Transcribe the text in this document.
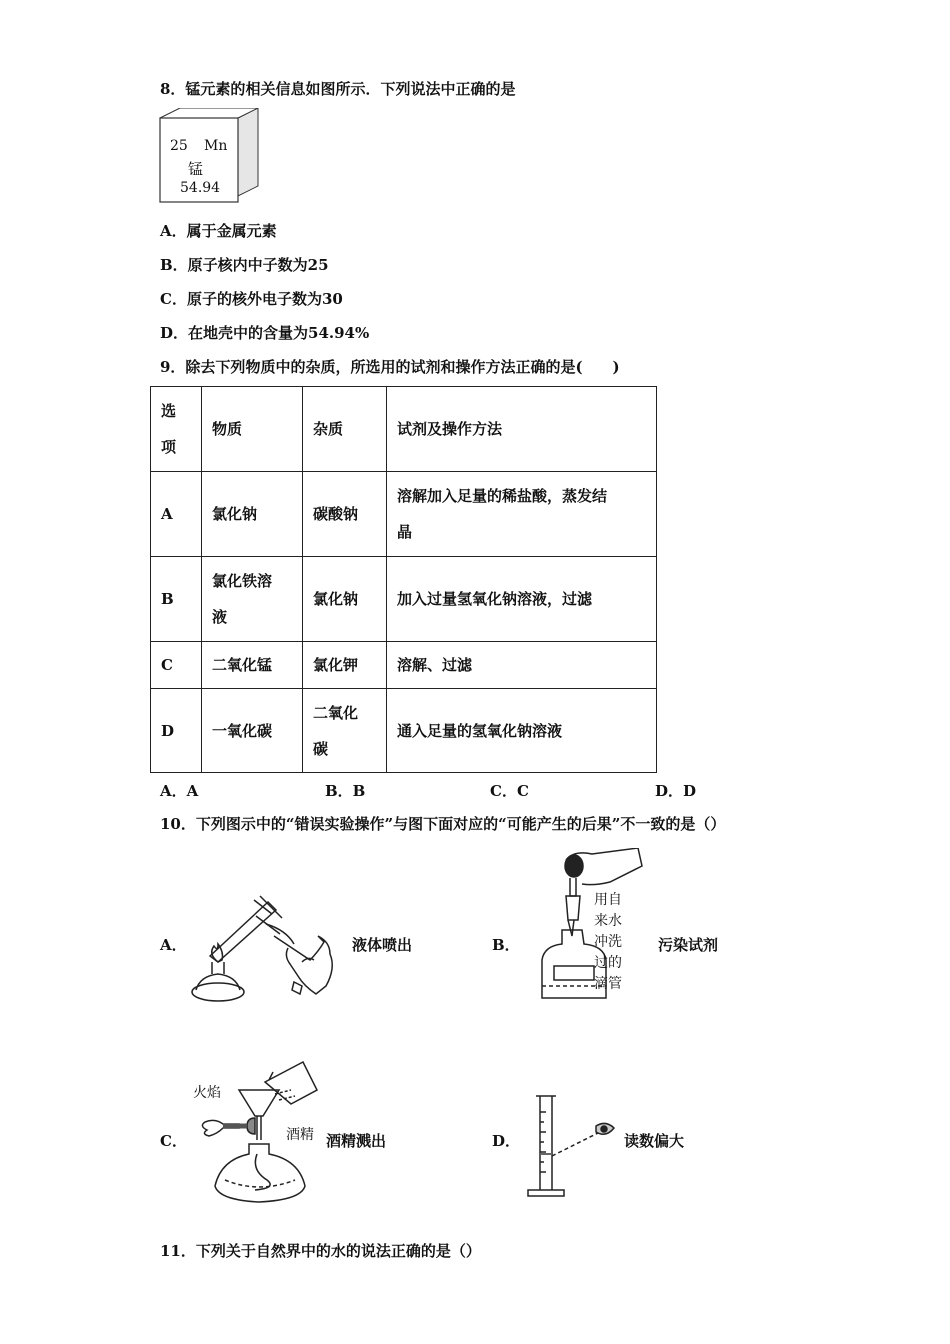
8．锰元素的相关信息如图所示．下列说法中正确的是
25 Mn
锰
54.94
A．属于金属元素
B．原子核内中子数为25
C．原子的核外电子数为30
D．在地壳中的含量为54.94%
9．除去下列物质中的杂质，所选用的试剂和操作方法正确的是(　　)
选
项	物质	杂质	试剂及操作方法
A	氯化钠	碳酸钠	溶解加入足量的稀盐酸，蒸发结
晶

B	氯化铁溶
液	氯化钠	加入过量氢氧化钠溶液，过滤

C	二氧化锰	氯化钾	溶解、过滤

D	一氧化碳	二氧化
碳	通入足量的氢氧化钠溶液
A．A	B．B	C．C	D．D
10．下列图示中的“错误实验操作”与图下面对应的“可能产生的后果”不一致的是（）
A．	液体喷出	B．
用自
来水
冲洗
过的
滴管
污染试剂
C．
火焰
酒精 酒精溅出	D．	读数偏大
11．下列关于自然界中的水的说法正确的是（）
